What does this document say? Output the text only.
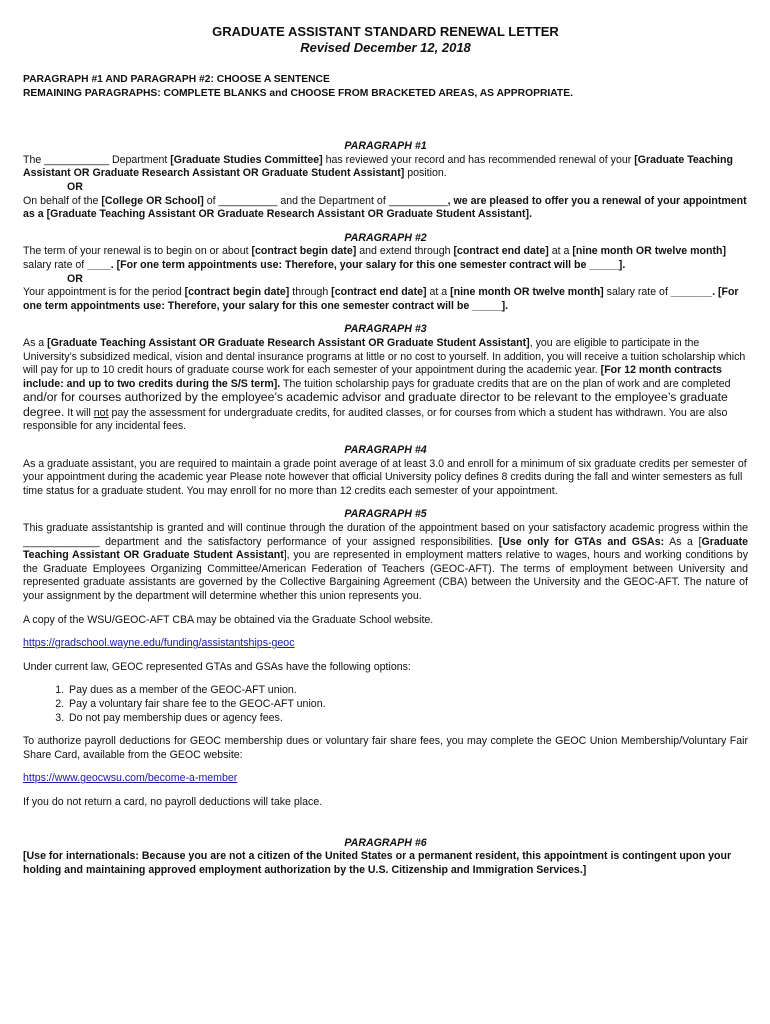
GRADUATE ASSISTANT STANDARD RENEWAL LETTER
Revised December 12, 2018
PARAGRAPH #1 AND PARAGRAPH #2: CHOOSE A SENTENCE
REMAINING PARAGRAPHS: COMPLETE BLANKS and CHOOSE FROM BRACKETED AREAS, AS APPROPRIATE.
PARAGRAPH #1

The ___________ Department [Graduate Studies Committee] has reviewed your record and has recommended renewal of your [Graduate Teaching Assistant OR Graduate Research Assistant OR Graduate Student Assistant] position.

OR

On behalf of the [College OR School] of __________ and the Department of __________, we are pleased to offer you a renewal of your appointment as a [Graduate Teaching Assistant OR Graduate Research Assistant OR Graduate Student Assistant].

PARAGRAPH #2

The term of your renewal is to begin on or about [contract begin date] and extend through [contract end date] at a [nine month OR twelve month] salary rate of ____. [For one term appointments use: Therefore, your salary for this one semester contract will be _____].

OR

Your appointment is for the period [contract begin date] through [contract end date] at a [nine month OR twelve month] salary rate of _______. [For one term appointments use: Therefore, your salary for this one semester contract will be _____].

PARAGRAPH #3

As a [Graduate Teaching Assistant OR Graduate Research Assistant OR Graduate Student Assistant], you are eligible to participate in the University’s subsidized medical, vision and dental insurance programs at little or no cost to yourself. In addition, you will receive a tuition scholarship which will pay for up to 10 credit hours of graduate course work for each semester of your appointment during the academic year. [For 12 month contracts include: and up to two credits during the S/S term]. The tuition scholarship pays for graduate credits that are on the plan of work and are completed and/or for courses authorized by the employee’s academic advisor and graduate director to be relevant to the employee’s graduate degree. It will not pay the assessment for undergraduate credits, for audited classes, or for courses from which a student has withdrawn. You are also responsible for any incidental fees.

PARAGRAPH #4

As a graduate assistant, you are required to maintain a grade point average of at least 3.0 and enroll for a minimum of six graduate credits per semester of your appointment during the academic year Please note however that official University policy defines 8 credits during the fall and winter semesters as full time status for a graduate student. You may enroll for no more than 12 credits each semester of your appointment.

PARAGRAPH #5

This graduate assistantship is granted and will continue through the duration of the appointment based on your satisfactory academic progress within the _____________ department and the satisfactory performance of your assigned responsibilities. [Use only for GTAs and GSAs: As a [Graduate Teaching Assistant OR Graduate Student Assistant], you are represented in employment matters relative to wages, hours and working conditions by the Graduate Employees Organizing Committee/American Federation of Teachers (GEOC-AFT). The terms of employment between University and represented graduate assistants are governed by the Collective Bargaining Agreement (CBA) between the University and the GEOC-AFT. The nature of your assignment by the department will determine whether this union represents you.

A copy of the WSU/GEOC-AFT CBA may be obtained via the Graduate School website.

https://gradschool.wayne.edu/funding/assistantships-geoc

Under current law, GEOC represented GTAs and GSAs have the following options:

1. Pay dues as a member of the GEOC-AFT union.
2. Pay a voluntary fair share fee to the GEOC-AFT union.
3. Do not pay membership dues or agency fees.

To authorize payroll deductions for GEOC membership dues or voluntary fair share fees, you may complete the GEOC Union Membership/Voluntary Fair Share Card, available from the GEOC website:

https://www.geocwsu.com/become-a-member

If you do not return a card, no payroll deductions will take place.

PARAGRAPH #6

[Use for internationals: Because you are not a citizen of the United States or a permanent resident, this appointment is contingent upon your holding and maintaining approved employment authorization by the U.S. Citizenship and Immigration Services.]
